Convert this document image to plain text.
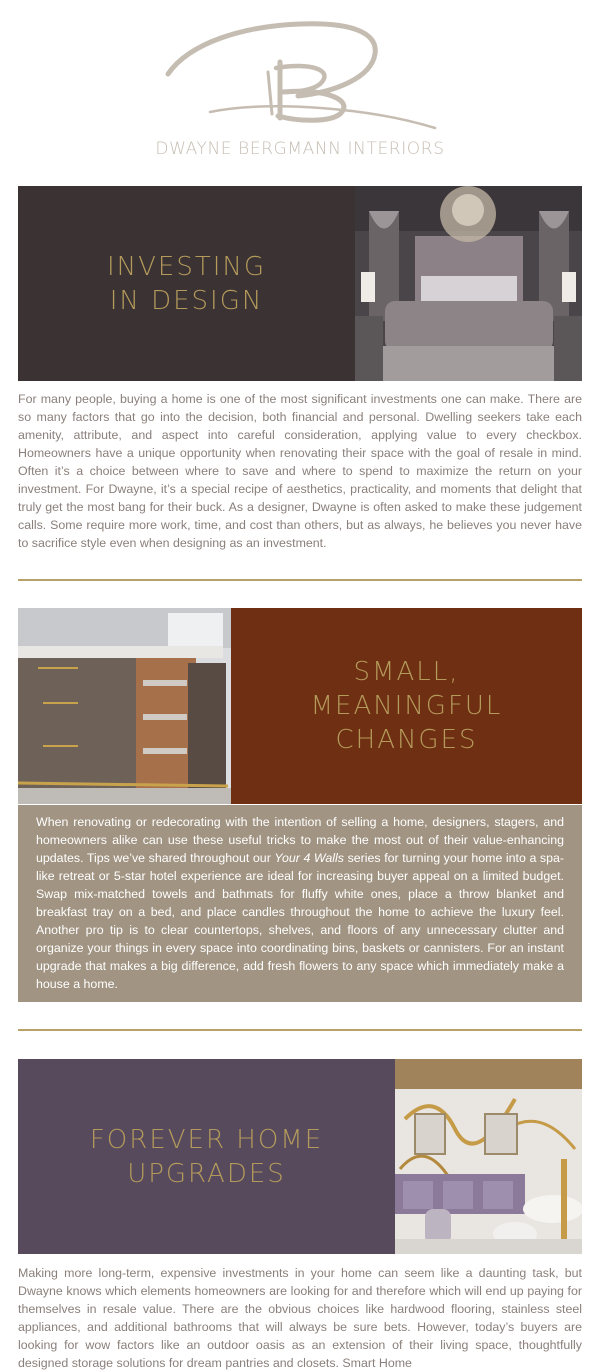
DWAYNE BERGMANN INTERIORS
INVESTING
IN DESIGN
For many people, buying a home is one of the most significant investments one can make. There are so many factors that go into the decision, both financial and personal. Dwelling seekers take each amenity, attribute, and aspect into careful consideration, applying value to every checkbox. Homeowners have a unique opportunity when renovating their space with the goal of resale in mind. Often it’s a choice between where to save and where to spend to maximize the return on your investment. For Dwayne, it’s a special recipe of aesthetics, practicality, and moments that delight that truly get the most bang for their buck. As a designer, Dwayne is often asked to make these judgement calls. Some require more work, time, and cost than others, but as always, he believes you never have to sacrifice style even when designing as an investment.
SMALL,
MEANINGFUL
CHANGES
When renovating or redecorating with the intention of selling a home, designers, stagers, and homeowners alike can use these useful tricks to make the most out of their value-enhancing updates. Tips we’ve shared throughout our Your 4 Walls series for turning your home into a spa-like retreat or 5-star hotel experience are ideal for increasing buyer appeal on a limited budget. Swap mix-matched towels and bathmats for fluffy white ones, place a throw blanket and breakfast tray on a bed, and place candles throughout the home to achieve the luxury feel. Another pro tip is to clear countertops, shelves, and floors of any unnecessary clutter and organize your things in every space into coordinating bins, baskets or cannisters. For an instant upgrade that makes a big difference, add fresh flowers to any space which immediately make a house a home.
FOREVER HOME
UPGRADES
Making more long-term, expensive investments in your home can seem like a daunting task, but Dwayne knows which elements homeowners are looking for and therefore which will end up paying for themselves in resale value. There are the obvious choices like hardwood flooring, stainless steel appliances, and additional bathrooms that will always be sure bets. However, today’s buyers are looking for wow factors like an outdoor oasis as an extension of their living space, thoughtfully designed storage solutions for dream pantries and closets. Smart Home
